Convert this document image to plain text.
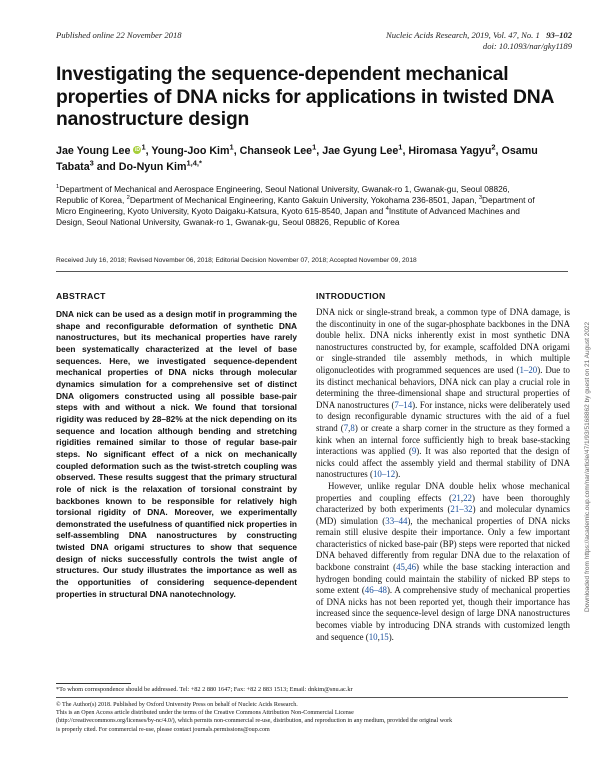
Published online 22 November 2018	Nucleic Acids Research, 2019, Vol. 47, No. 1 93–102
doi: 10.1093/nar/gky1189
Investigating the sequence-dependent mechanical properties of DNA nicks for applications in twisted DNA nanostructure design
Jae Young Lee iD $^1$, Young-Joo Kim$^1$, Chanseok Lee$^1$, Jae Gyung Lee$^1$, Hiromasa Yagyu$^2$, Osamu Tabata$^3$ and Do-Nyun Kim$^{1,4,*}$
$^1$Department of Mechanical and Aerospace Engineering, Seoul National University, Gwanak-ro 1, Gwanak-gu, Seoul 08826, Republic of Korea, $^2$Department of Mechanical Engineering, Kanto Gakuin University, Yokohama 236-8501, Japan, $^3$Department of Micro Engineering, Kyoto University, Kyoto Daigaku-Katsura, Kyoto 615-8540, Japan and $^4$Institute of Advanced Machines and Design, Seoul National University, Gwanak-ro 1, Gwanak-gu, Seoul 08826, Republic of Korea
Received July 16, 2018; Revised November 06, 2018; Editorial Decision November 07, 2018; Accepted November 09, 2018
ABSTRACT

DNA nick can be used as a design motif in programming the shape and reconfigurable deformation of synthetic DNA nanostructures, but its mechanical properties have rarely been systematically characterized at the level of base sequences. Here, we investigated sequence-dependent mechanical properties of DNA nicks through molecular dynamics simulation for a comprehensive set of distinct DNA oligomers constructed using all possible base-pair steps with and without a nick. We found that torsional rigidity was reduced by 28–82% at the nick depending on its sequence and location although bending and stretching rigidities remained similar to those of regular base-pair steps. No significant effect of a nick on mechanically coupled deformation such as the twist-stretch coupling was observed. These results suggest that the primary structural role of nick is the relaxation of torsional constraint by backbones known to be responsible for relatively high torsional rigidity of DNA. Moreover, we experimentally demonstrated the usefulness of quantified nick properties in self-assembling DNA nanostructures by constructing twisted DNA origami structures to show that sequence design of nicks successfully controls the twist angle of structures. Our study illustrates the importance as well as the opportunities of considering sequence-dependent properties in structural DNA nanotechnology.

INTRODUCTION

DNA nick or single-strand break, a common type of DNA damage, is the discontinuity in one of the sugar-phosphate backbones in the DNA double helix. DNA nicks inherently exist in most synthetic DNA nanostructures constructed by, for example, scaffolded DNA origami or single-stranded tile assembly methods, in which multiple oligonucleotides with programmed sequences are used (1–20). Due to its distinct mechanical behaviors, DNA nick can play a crucial role in determining the three-dimensional shape and structural properties of DNA nanostructures (7–14). For instance, nicks were deliberately used to design reconfigurable dynamic structures with the aid of a fuel strand (7,8) or create a sharp corner in the structure as they formed a kink when an internal force sufficiently high to break base-stacking interactions was applied (9). It was also reported that the design of nicks could affect the assembly yield and thermal stability of DNA nanostructures (10–12).

However, unlike regular DNA double helix whose mechanical properties and coupling effects (21,22) have been thoroughly characterized by both experiments (21–32) and molecular dynamics (MD) simulation (33–44), the mechanical properties of DNA nicks remain still elusive despite their importance. Only a few important characteristics of nicked base-pair (BP) steps were reported that nicked DNA behaved differently from regular DNA due to the relaxation of backbone constraint (45,46) while the base stacking interaction and hydrogen bonding could maintain the stability of nicked BP steps to some extent (46–48). A comprehensive study of mechanical properties of DNA nicks has not been reported yet, though their importance has increased since the sequence-level design of large DNA nanostructures becomes viable by introducing DNA strands with customized length and sequence (10,15).

*To whom correspondence should be addressed. Tel: +82 2 880 1647; Fax: +82 2 883 1513; Email: dnkim@snu.ac.kr
© The Author(s) 2018. Published by Oxford University Press on behalf of Nucleic Acids Research.
This is an Open Access article distributed under the terms of the Creative Commons Attribution Non-Commercial License
(http://creativecommons.org/licenses/by-nc/4.0/), which permits non-commercial re-use, distribution, and reproduction in any medium, provided the original work
is properly cited. For commercial re-use, please contact journals.permissions@oup.com
Downloaded from https://academic.oup.com/nar/article/47/1/93/5168862 by guest on 21 August 2022
